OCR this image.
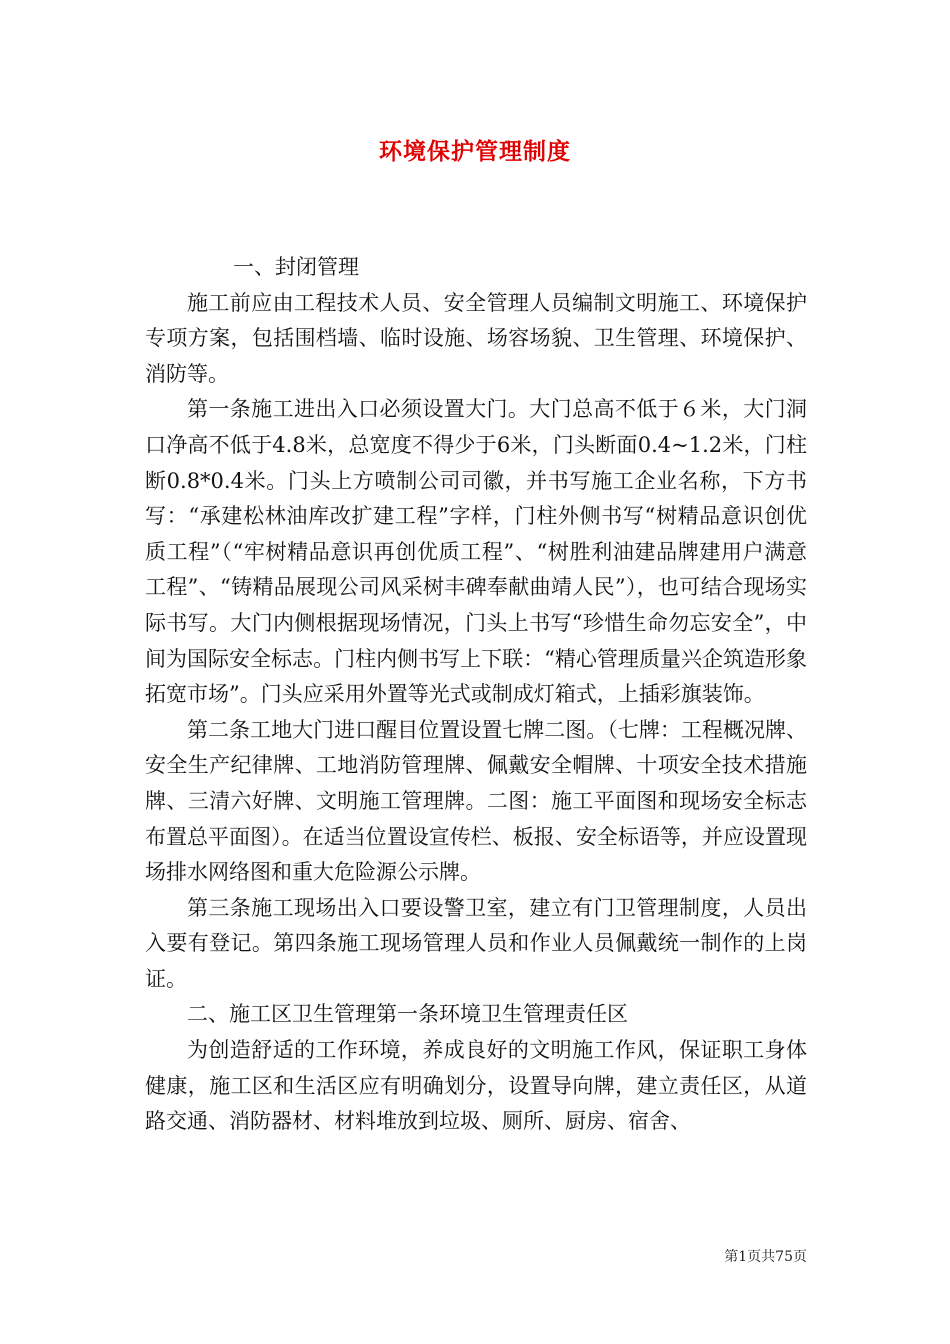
环境保护管理制度

一、封闭管理

施工前应由工程技术人员、安全管理人员编制文明施工、环境保护专项方案，包括围档墙、临时设施、场容场貌、卫生管理、环境保护、消防等。

第一条施工进出入口必须设置大门。大门总高不低于６米，大门洞口净高不低于4.8米，总宽度不得少于6米，门头断面0.4~1.2米，门柱断0.8*0.4米。门头上方喷制公司司徽，并书写施工企业名称，下方书写：“承建松林油库改扩建工程”字样，门柱外侧书写“树精品意识创优质工程”（“牢树精品意识再创优质工程”、“树胜利油建品牌建用户满意工程”、“铸精品展现公司风采树丰碑奉献曲靖人民”），也可结合现场实际书写。大门内侧根据现场情况，门头上书写“珍惜生命勿忘安全”，中间为国际安全标志。门柱内侧书写上下联：“精心管理质量兴企筑造形象拓宽市场”。门头应采用外置等光式或制成灯箱式，上插彩旗装饰。

第二条工地大门进口醒目位置设置七牌二图。（七牌：工程概况牌、安全生产纪律牌、工地消防管理牌、佩戴安全帽牌、十项安全技术措施牌、三清六好牌、文明施工管理牌。二图：施工平面图和现场安全标志布置总平面图）。在适当位置设宣传栏、板报、安全标语等，并应设置现场排水网络图和重大危险源公示牌。

第三条施工现场出入口要设警卫室，建立有门卫管理制度，人员出入要有登记。第四条施工现场管理人员和作业人员佩戴统一制作的上岗证。

二、施工区卫生管理第一条环境卫生管理责任区

为创造舒适的工作环境，养成良好的文明施工作风，保证职工身体健康，施工区和生活区应有明确划分，设置导向牌，建立责任区，从道路交通、消防器材、材料堆放到垃圾、厕所、厨房、宿舍、

第1页共75页
